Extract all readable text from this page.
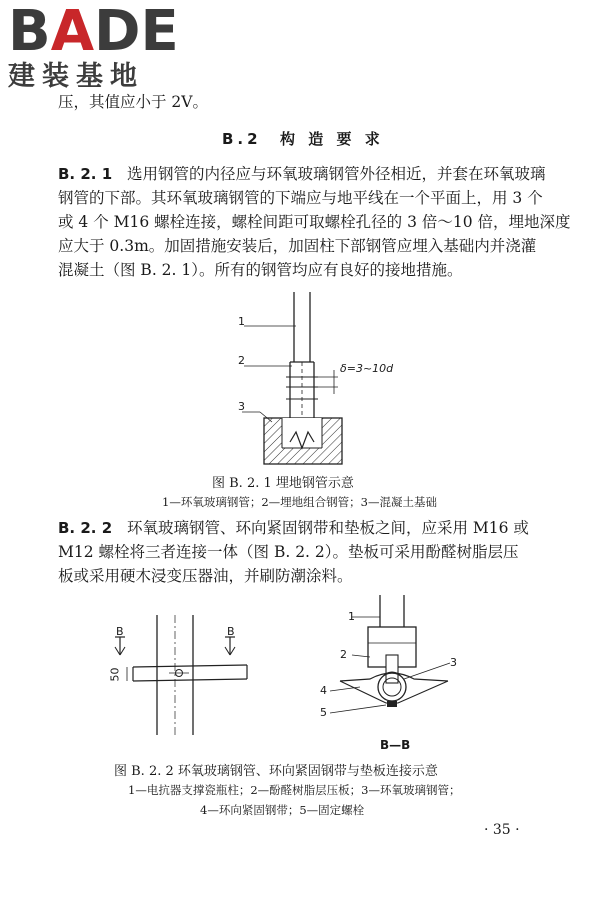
BADE
建装基地
压，其值应小于 2V。
B.2 构 造 要 求
B. 2. 1 选用钢管的内径应与环氧玻璃钢管外径相近，并套在环氧玻璃
钢管的下部。其环氧玻璃钢管的下端应与地平线在一个平面上，用 3 个
或 4 个 M16 螺栓连接，螺栓间距可取螺栓孔径的 3 倍～10 倍，埋地深度
应大于 0.3m。加固措施安装后，加固柱下部钢管应埋入基础内并浇灌
混凝土（图 B. 2. 1）。所有的钢管均应有良好的接地措施。
1
2
3
δ=3~10d
图 B. 2. 1 埋地钢管示意
1—环氧玻璃钢管；2—埋地组合钢管；3—混凝土基础
B. 2. 2 环氧玻璃钢管、环向紧固钢带和垫板之间，应采用 M16 或
M12 螺栓将三者连接一体（图 B. 2. 2）。垫板可采用酚醛树脂层压
板或采用硬木浸变压器油，并刷防潮涂料。
B	B
50
1
2
3
4
5
B—B
图 B. 2. 2 环氧玻璃钢管、环向紧固钢带与垫板连接示意
1—电抗器支撑瓷瓶柱；2—酚醛树脂层压板；3—环氧玻璃钢管；
4—环向紧固钢带；5—固定螺栓
· 35 ·
